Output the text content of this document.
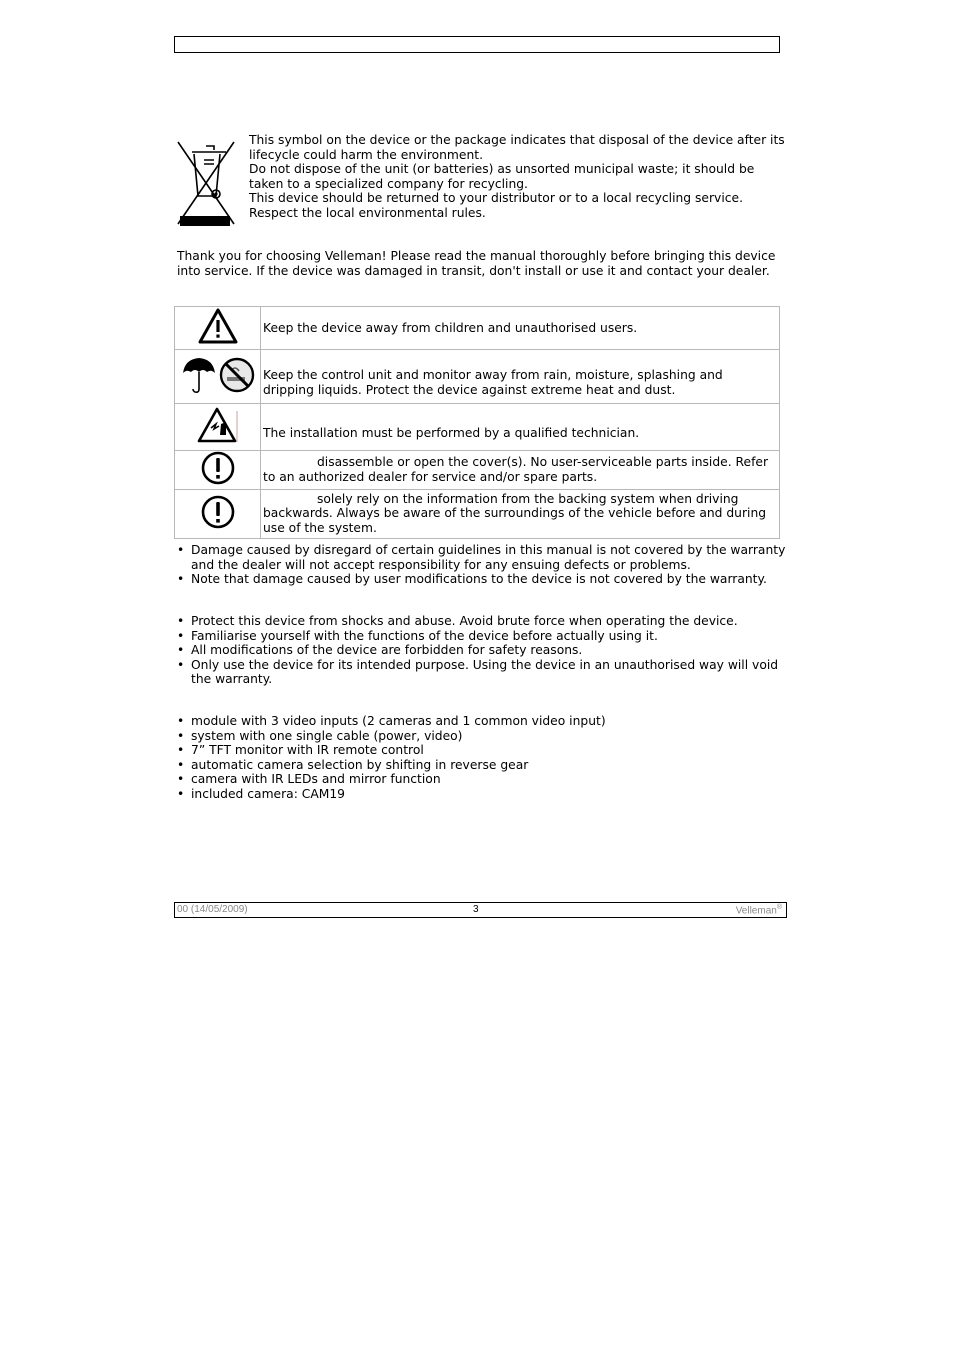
This symbol on the device or the package indicates that disposal of the device after its lifecycle could harm the environment.
Do not dispose of the unit (or batteries) as unsorted municipal waste; it should be taken to a specialized company for recycling.
This device should be returned to your distributor or to a local recycling service.
Respect the local environmental rules.
Thank you for choosing Velleman! Please read the manual thoroughly before bringing this device into service. If the device was damaged in transit, don't install or use it and contact your dealer.

Keep the device away from children and unauthorised users.

Keep the control unit and monitor away from rain, moisture, splashing and dripping liquids. Protect the device against extreme heat and dust.

The installation must be performed by a qualified technician.

disassemble or open the cover(s). No user-serviceable parts inside. Refer to an authorized dealer for service and/or spare parts.

solely rely on the information from the backing system when driving backwards. Always be aware of the surroundings of the vehicle before and during use of the system.
• Damage caused by disregard of certain guidelines in this manual is not covered by the warranty and the dealer will not accept responsibility for any ensuing defects or problems.
• Note that damage caused by user modifications to the device is not covered by the warranty.
• Protect this device from shocks and abuse. Avoid brute force when operating the device.
• Familiarise yourself with the functions of the device before actually using it.
• All modifications of the device are forbidden for safety reasons.
• Only use the device for its intended purpose. Using the device in an unauthorised way will void the warranty.
• module with 3 video inputs (2 cameras and 1 common video input)
• system with one single cable (power, video)
• 7” TFT monitor with IR remote control
• automatic camera selection by shifting in reverse gear
• camera with IR LEDs and mirror function
• included camera: CAM19
00 (14/05/2009)	3	Velleman®
